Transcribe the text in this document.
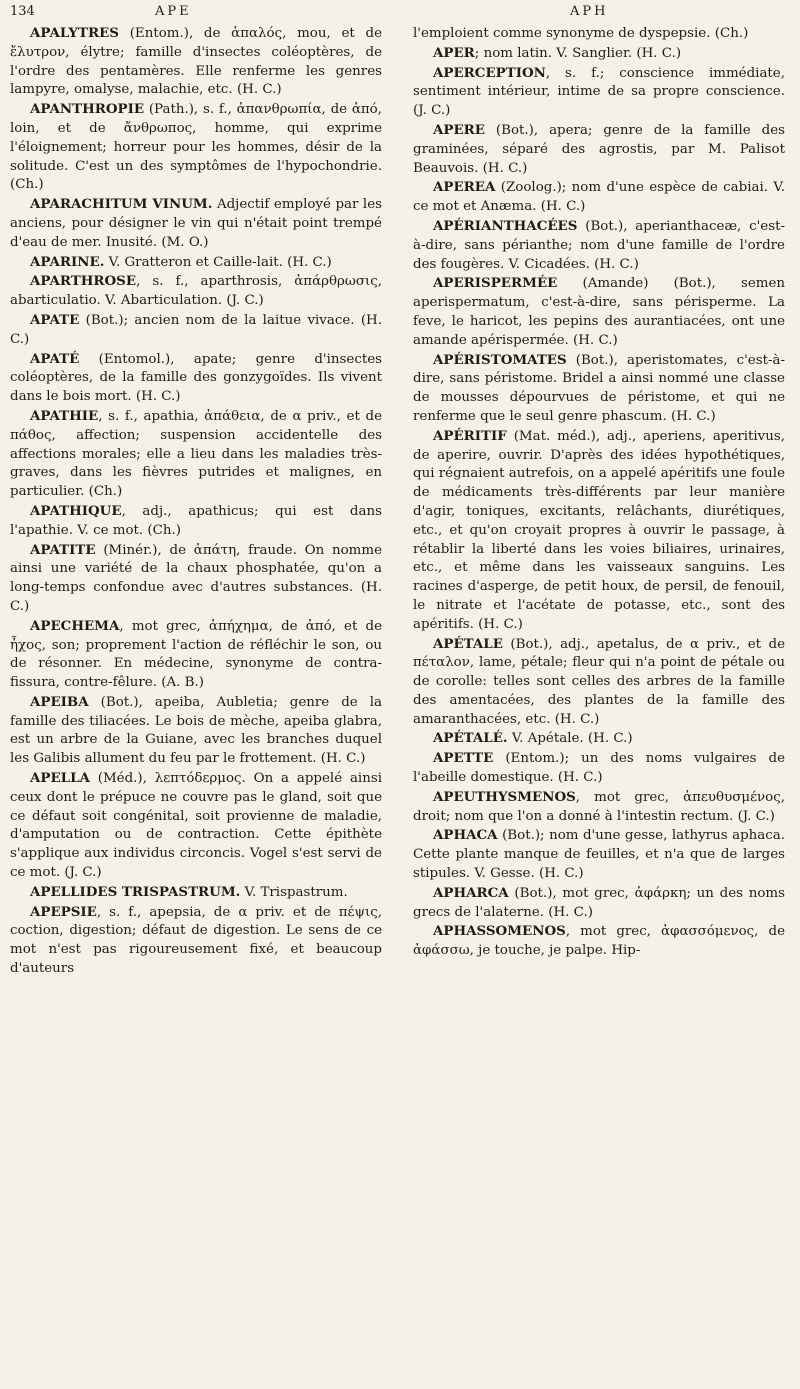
134	APE	APH

APALYTRES (Entom.), de ἁπαλός, mou, et de ἔλυτρον, élytre; famille d'insectes coléoptères, de l'ordre des pentamères. Elle renferme les genres lampyre, omalyse, malachie, etc. (H. C.)

APANTHROPIE (Path.), s. f., ἀπανθρωπία, de ἀπό, loin, et de ἄνθρωπος, homme, qui exprime l'éloignement; horreur pour les hommes, désir de la solitude. C'est un des symptômes de l'hypochondrie. (Ch.)

APARACHITUM VINUM. Adjectif employé par les anciens, pour désigner le vin qui n'était point trempé d'eau de mer. Inusité. (M. O.)

APARINE. V. Gratteron et Caille-lait. (H. C.)

APARTHROSE, s. f., aparthrosis, ἀπάρθρωσις, abarticulatio. V. Abarticulation. (J. C.)

APATE (Bot.); ancien nom de la laitue vivace. (H. C.)

APATÉ (Entomol.), apate; genre d'insectes coléoptères, de la famille des gonzygoïdes. Ils vivent dans le bois mort. (H. C.)

APATHIE, s. f., apathia, ἀπάθεια, de α priv., et de πάθος, affection; suspension accidentelle des affections morales; elle a lieu dans les maladies très-graves, dans les fièvres putrides et malignes, en particulier. (Ch.)

APATHIQUE, adj., apathicus; qui est dans l'apathie. V. ce mot. (Ch.)

APATITE (Minér.), de ἀπάτη, fraude. On nomme ainsi une variété de la chaux phosphatée, qu'on a long-temps confondue avec d'autres substances. (H. C.)

APECHEMA, mot grec, ἀπήχημα, de ἀπό, et de ἦχος, son; proprement l'action de réfléchir le son, ou de résonner. En médecine, synonyme de contra-fissura, contre-fêlure. (A. B.)

APEIBA (Bot.), apeiba, Aubletia; genre de la famille des tiliacées. Le bois de mèche, apeiba glabra, est un arbre de la Guiane, avec les branches duquel les Galibis allument du feu par le frottement. (H. C.)

APELLA (Méd.), λεπτόδερμος. On a appelé ainsi ceux dont le prépuce ne couvre pas le gland, soit que ce défaut soit congénital, soit provienne de maladie, d'amputation ou de contraction. Cette épithète s'applique aux individus circoncis. Vogel s'est servi de ce mot. (J. C.)

APELLIDES TRISPASTRUM. V. Trispastrum.

APEPSIE, s. f., apepsia, de α priv. et de πέψις, coction, digestion; défaut de digestion. Le sens de ce mot n'est pas rigoureusement fixé, et beaucoup d'auteurs

l'emploient comme synonyme de dyspepsie. (Ch.)

APER; nom latin. V. Sanglier. (H. C.)

APERCEPTION, s. f.; conscience immédiate, sentiment intérieur, intime de sa propre conscience. (J. C.)

APERE (Bot.), apera; genre de la famille des graminées, séparé des agrostis, par M. Palisot Beauvois. (H. C.)

APEREA (Zoolog.); nom d'une espèce de cabiai. V. ce mot et Anæma. (H. C.)

APÉRIANTHACÉES (Bot.), aperianthaceæ, c'est-à-dire, sans périanthe; nom d'une famille de l'ordre des fougères. V. Cicadées. (H. C.)

APERISPERMÉE (Amande) (Bot.), semen aperispermatum, c'est-à-dire, sans périsperme. La feve, le haricot, les pepins des aurantiacées, ont une amande apérispermée. (H. C.)

APÉRISTOMATES (Bot.), aperistomates, c'est-à-dire, sans péristome. Bridel a ainsi nommé une classe de mousses dépourvues de péristome, et qui ne renferme que le seul genre phascum. (H. C.)

APÉRITIF (Mat. méd.), adj., aperiens, aperitivus, de aperire, ouvrir. D'après des idées hypothétiques, qui régnaient autrefois, on a appelé apéritifs une foule de médicaments très-différents par leur manière d'agir, toniques, excitants, relâchants, diurétiques, etc., et qu'on croyait propres à ouvrir le passage, à rétablir la liberté dans les voies biliaires, urinaires, etc., et même dans les vaisseaux sanguins. Les racines d'asperge, de petit houx, de persil, de fenouil, le nitrate et l'acétate de potasse, etc., sont des apéritifs. (H. C.)

APÉTALE (Bot.), adj., apetalus, de α priv., et de πέταλον, lame, pétale; fleur qui n'a point de pétale ou de corolle: telles sont celles des arbres de la famille des amentacées, des plantes de la famille des amaranthacées, etc. (H. C.)

APÉTALÉ. V. Apétale. (H. C.)

APETTE (Entom.); un des noms vulgaires de l'abeille domestique. (H. C.)

APEUTHYSMENOS, mot grec, ἀπευθυσμένος, droit; nom que l'on a donné à l'intestin rectum. (J. C.)

APHACA (Bot.); nom d'une gesse, lathyrus aphaca. Cette plante manque de feuilles, et n'a que de larges stipules. V. Gesse. (H. C.)

APHARCA (Bot.), mot grec, ἀφάρκη; un des noms grecs de l'alaterne. (H. C.)

APHASSOMENOS, mot grec, ἀφασσόμενος, de ἀφάσσω, je touche, je palpe. Hip-
